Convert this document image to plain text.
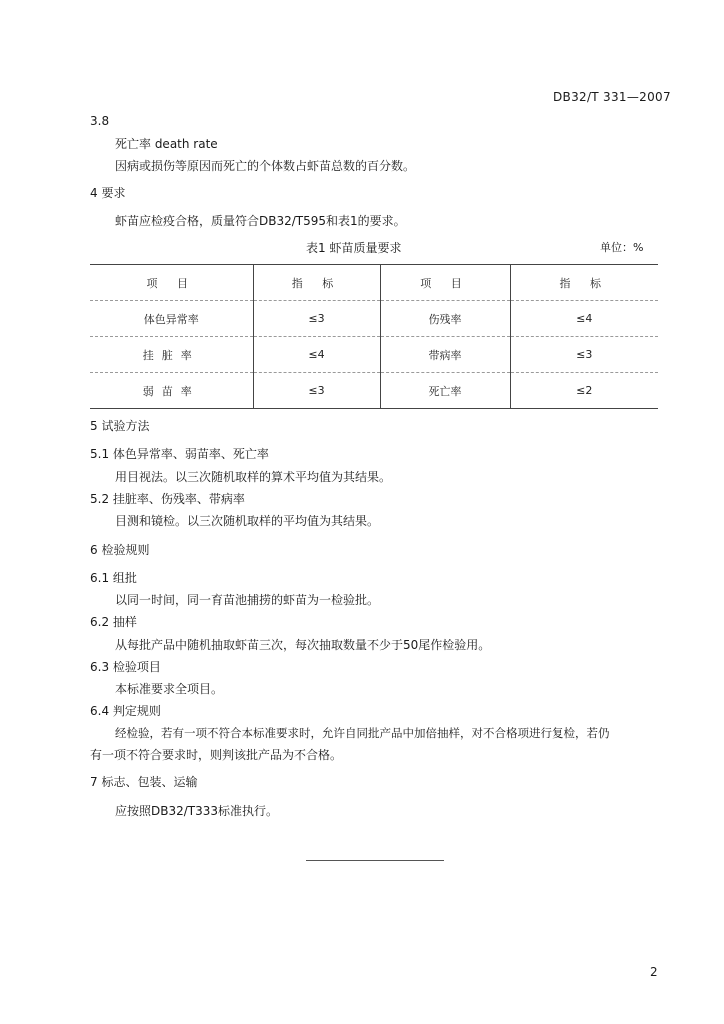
DB32/T 331—2007
3.8
死亡率 death rate
因病或损伤等原因而死亡的个体数占虾苗总数的百分数。
4 要求
虾苗应检疫合格，质量符合DB32/T595和表1的要求。
表1 虾苗质量要求	单位：%
项 目	指 标	项 目	指 标
体色异常率	≤3	伤残率	≤4
挂脏率	≤4	带病率	≤3
弱苗率	≤3	死亡率	≤2
5 试验方法
5.1 体色异常率、弱苗率、死亡率
用目视法。以三次随机取样的算术平均值为其结果。
5.2 挂脏率、伤残率、带病率
目测和镜检。以三次随机取样的平均值为其结果。
6 检验规则
6.1 组批
以同一时间，同一育苗池捕捞的虾苗为一检验批。
6.2 抽样
从每批产品中随机抽取虾苗三次，每次抽取数量不少于50尾作检验用。
6.3 检验项目
本标准要求全项目。
6.4 判定规则
经检验，若有一项不符合本标准要求时，允许自同批产品中加倍抽样，对不合格项进行复检，若仍
有一项不符合要求时，则判该批产品为不合格。
7 标志、包装、运输
应按照DB32/T333标准执行。
2
